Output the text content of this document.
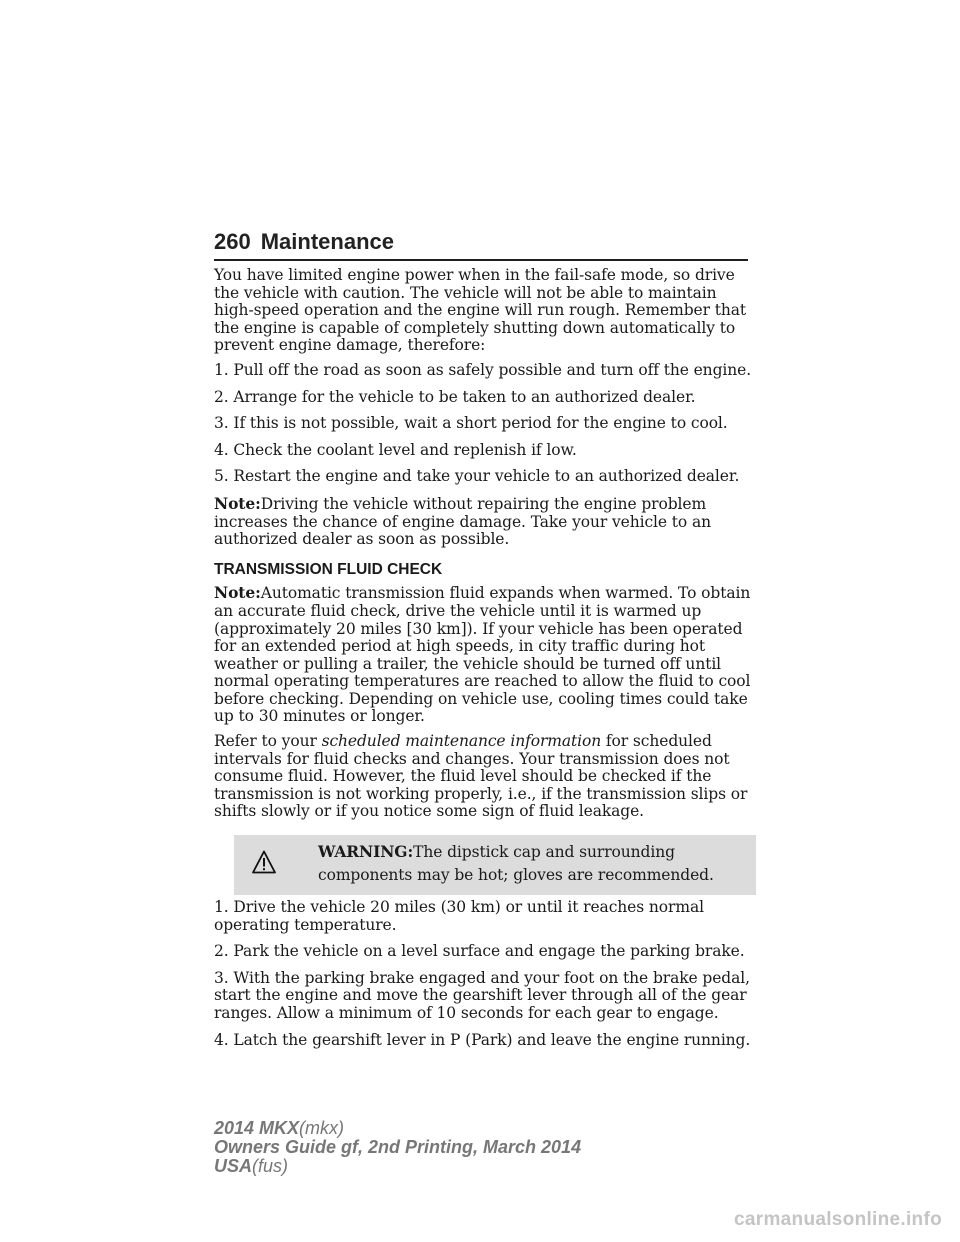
260 Maintenance

You have limited engine power when in the fail-safe mode, so drive the vehicle with caution. The vehicle will not be able to maintain high-speed operation and the engine will run rough. Remember that the engine is capable of completely shutting down automatically to prevent engine damage, therefore:

1. Pull off the road as soon as safely possible and turn off the engine.

2. Arrange for the vehicle to be taken to an authorized dealer.

3. If this is not possible, wait a short period for the engine to cool.

4. Check the coolant level and replenish if low.

5. Restart the engine and take your vehicle to an authorized dealer.

Note:Driving the vehicle without repairing the engine problem increases the chance of engine damage. Take your vehicle to an authorized dealer as soon as possible.

TRANSMISSION FLUID CHECK

Note:Automatic transmission fluid expands when warmed. To obtain an accurate fluid check, drive the vehicle until it is warmed up (approximately 20 miles [30 km]). If your vehicle has been operated for an extended period at high speeds, in city traffic during hot weather or pulling a trailer, the vehicle should be turned off until normal operating temperatures are reached to allow the fluid to cool before checking. Depending on vehicle use, cooling times could take up to 30 minutes or longer.

Refer to your scheduled maintenance information for scheduled intervals for fluid checks and changes. Your transmission does not consume fluid. However, the fluid level should be checked if the transmission is not working properly, i.e., if the transmission slips or shifts slowly or if you notice some sign of fluid leakage.

WARNING:The dipstick cap and surrounding components may be hot; gloves are recommended.

1. Drive the vehicle 20 miles (30 km) or until it reaches normal operating temperature.

2. Park the vehicle on a level surface and engage the parking brake.

3. With the parking brake engaged and your foot on the brake pedal, start the engine and move the gearshift lever through all of the gear ranges. Allow a minimum of 10 seconds for each gear to engage.

4. Latch the gearshift lever in P (Park) and leave the engine running.

2014 MKX(mkx)
Owners Guide gf, 2nd Printing, March 2014
USA(fus)
carmanualsonline.info
